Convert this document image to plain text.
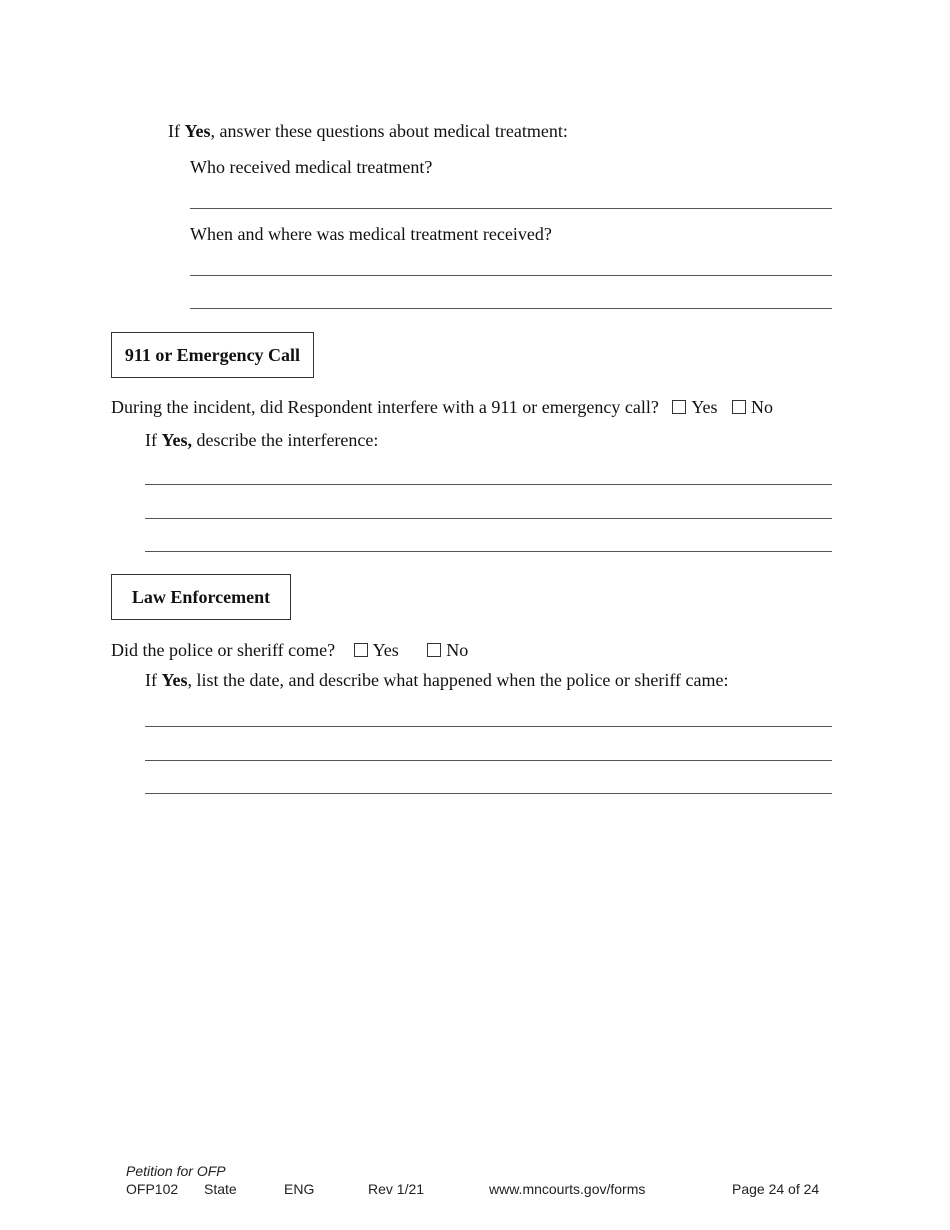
If Yes, answer these questions about medical treatment:
Who received medical treatment?
When and where was medical treatment received?
911 or Emergency Call
During the incident, did Respondent interfere with a 911 or emergency call? Yes No
If Yes, describe the interference:
Law Enforcement
Did the police or sheriff come? Yes	No
If Yes, list the date, and describe what happened when the police or sheriff came:
Petition for OFP
OFP102 State	ENG	Rev 1/21	www.mncourts.gov/forms	Page 24 of 24
